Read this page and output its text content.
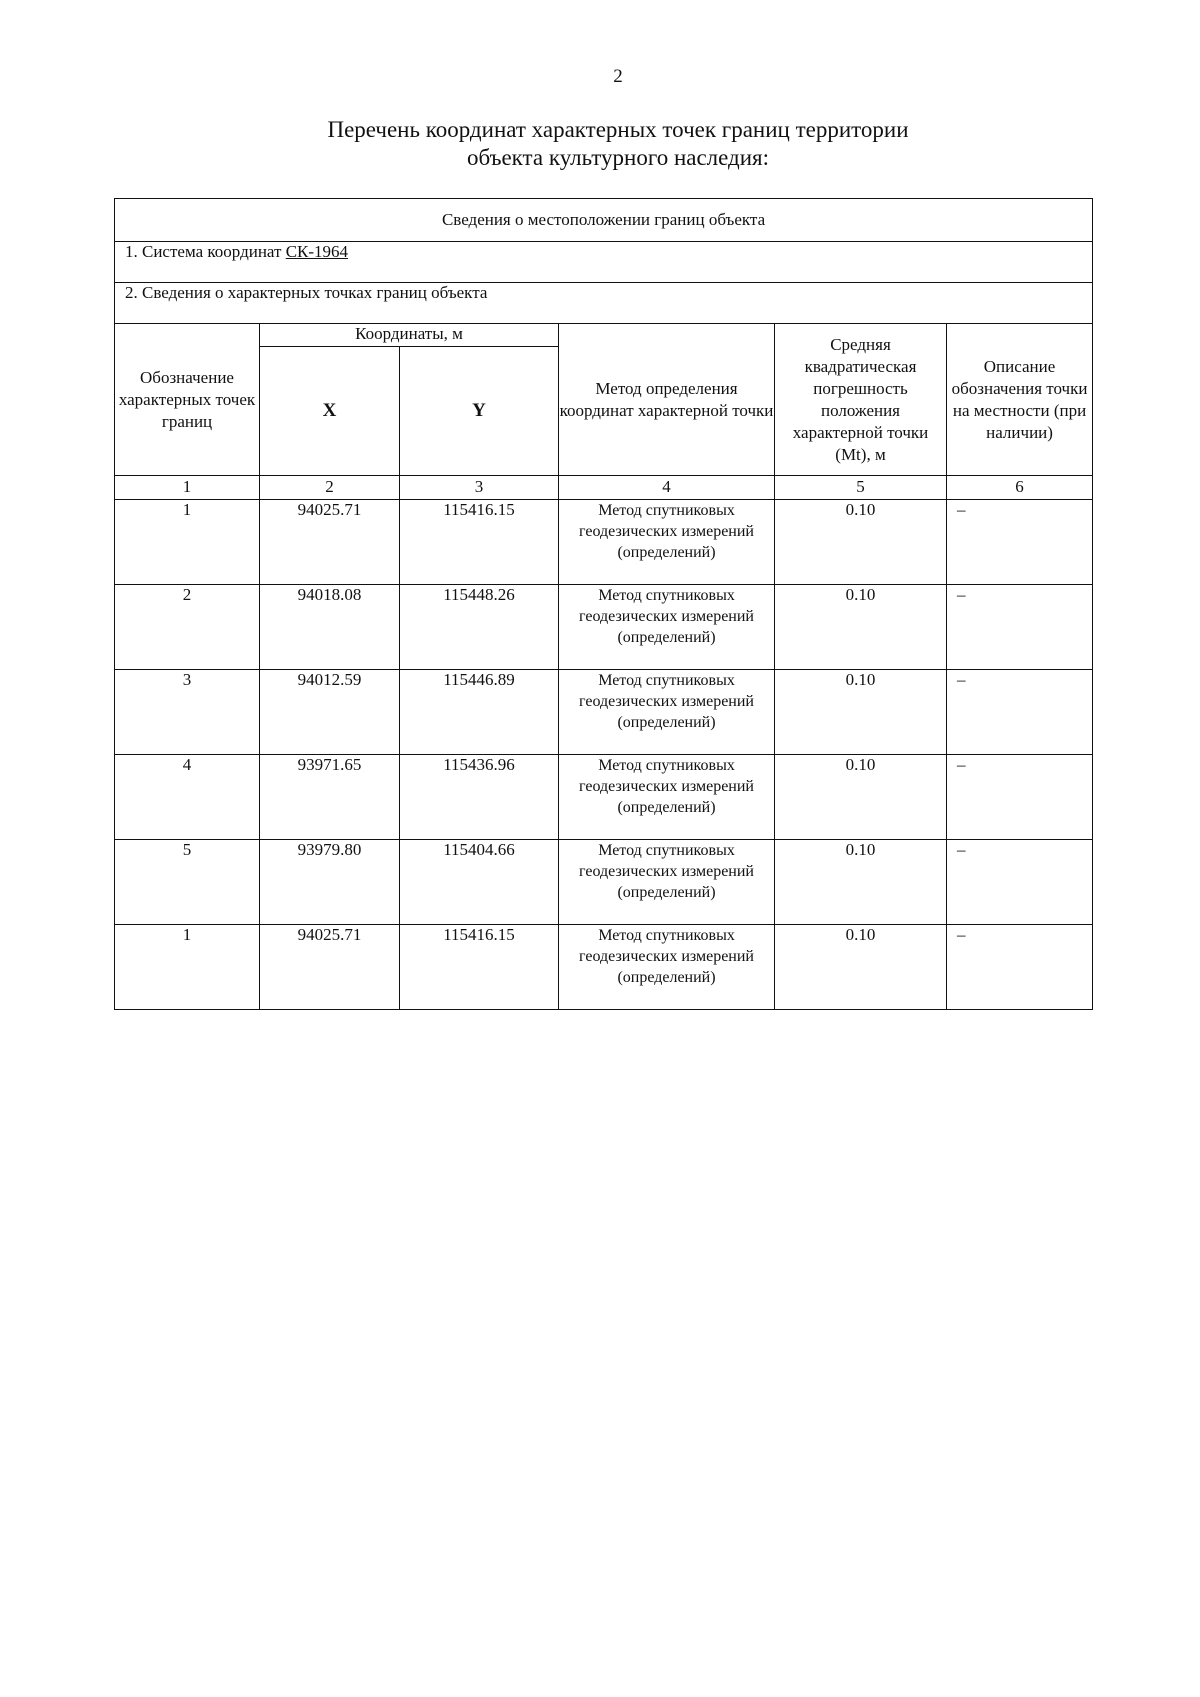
2
Перечень координат характерных точек границ территории
объекта культурного наследия:
Сведения о местоположении границ объекта					
1. Система координат СК-1964					
2. Сведения о характерных точках границ объекта					
Обозначение характерных точек границ	Координаты, м		Метод определения координат характерной точки	Средняя квадратическая погрешность положения характерной точки (Mt), м	Описание обозначения точки на местности (при наличии)
	X	Y			
1	2	3	4	5	6
1	94025.71	115416.15	Метод спутниковых геодезических измерений (определений)	0.10	–
2	94018.08	115448.26	Метод спутниковых геодезических измерений (определений)	0.10	–
3	94012.59	115446.89	Метод спутниковых геодезических измерений (определений)	0.10	–
4	93971.65	115436.96	Метод спутниковых геодезических измерений (определений)	0.10	–
5	93979.80	115404.66	Метод спутниковых геодезических измерений (определений)	0.10	–
1	94025.71	115416.15	Метод спутниковых геодезических измерений (определений)	0.10	–
